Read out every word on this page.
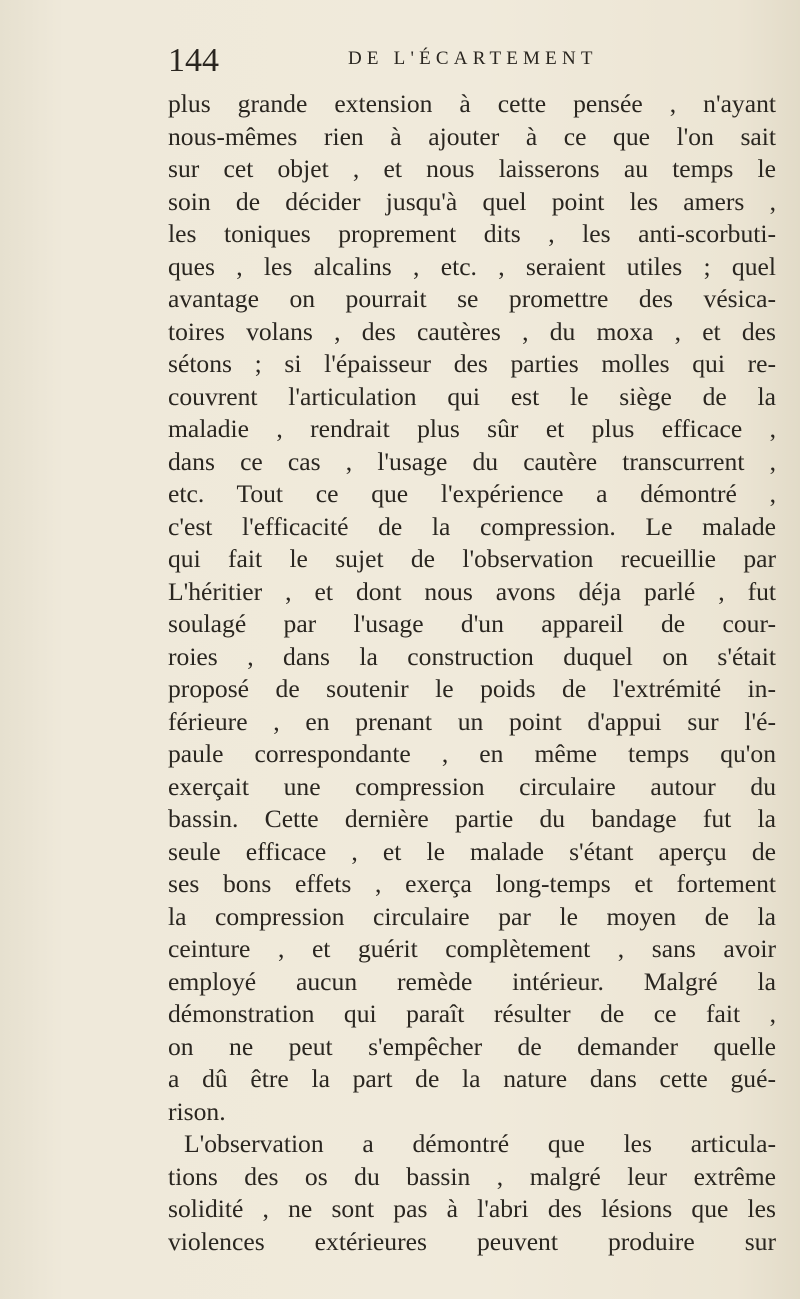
144	DE L'ÉCARTEMENT
plus grande extension à cette pensée , n'ayant
nous-mêmes rien à ajouter à ce que l'on sait
sur cet objet , et nous laisserons au temps le
soin de décider jusqu'à quel point les amers ,
les toniques proprement dits , les anti-scorbuti-
ques , les alcalins , etc. , seraient utiles ; quel
avantage on pourrait se promettre des vésica-
toires volans , des cautères , du moxa , et des
sétons ; si l'épaisseur des parties molles qui re-
couvrent l'articulation qui est le siège de la
maladie , rendrait plus sûr et plus efficace ,
dans ce cas , l'usage du cautère transcurrent ,
etc. Tout ce que l'expérience a démontré ,
c'est l'efficacité de la compression. Le malade
qui fait le sujet de l'observation recueillie par
L'héritier , et dont nous avons déja parlé , fut
soulagé par l'usage d'un appareil de cour-
roies , dans la construction duquel on s'était
proposé de soutenir le poids de l'extrémité in-
férieure , en prenant un point d'appui sur l'é-
paule correspondante , en même temps qu'on
exerçait une compression circulaire autour du
bassin. Cette dernière partie du bandage fut la
seule efficace , et le malade s'étant aperçu de
ses bons effets , exerça long-temps et fortement
la compression circulaire par le moyen de la
ceinture , et guérit complètement , sans avoir
employé aucun remède intérieur. Malgré la
démonstration qui paraît résulter de ce fait ,
on ne peut s'empêcher de demander quelle
a dû être la part de la nature dans cette gué-
rison.
L'observation a démontré que les articula-
tions des os du bassin , malgré leur extrême
solidité , ne sont pas à l'abri des lésions que les
violences extérieures peuvent produire sur
